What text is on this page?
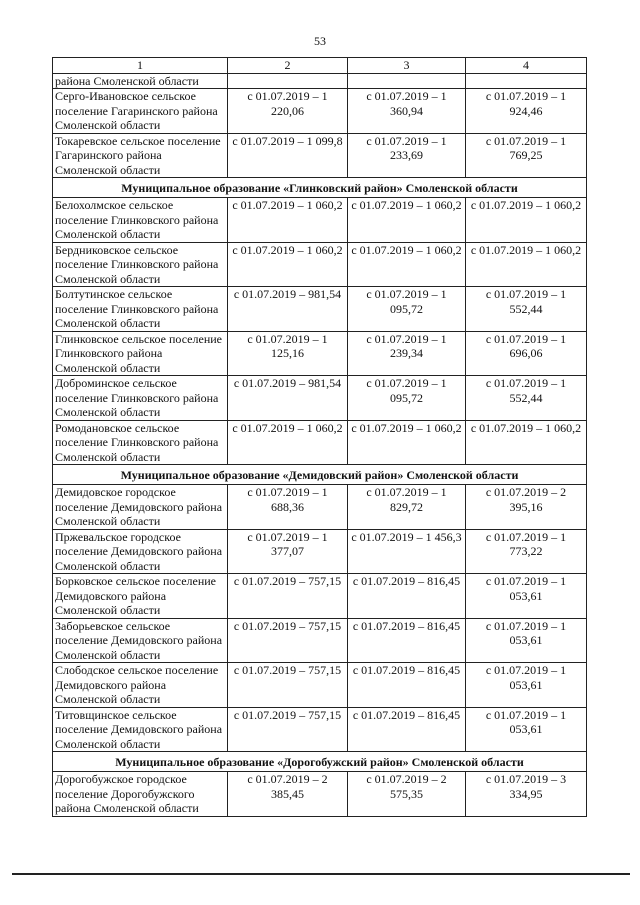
53
1	2	3	4
района Смоленской области			
Серго-Ивановское сельское поселение Гагаринского района Смоленской области	с 01.07.2019 – 1 220,06	с 01.07.2019 – 1 360,94	с 01.07.2019 – 1 924,46
Токаревское сельское поселение Гагаринского района Смоленской области	с 01.07.2019 – 1 099,8	с 01.07.2019 – 1 233,69	с 01.07.2019 – 1 769,25
Муниципальное образование «Глинковский район» Смоленской области			
Белохолмское сельское поселение Глинковского района Смоленской области	с 01.07.2019 – 1 060,2	с 01.07.2019 – 1 060,2	с 01.07.2019 – 1 060,2
Бердниковское сельское поселение Глинковского района Смоленской области	с 01.07.2019 – 1 060,2	с 01.07.2019 – 1 060,2	с 01.07.2019 – 1 060,2
Болтутинское сельское поселение Глинковского района Смоленской области	с 01.07.2019 – 981,54	с 01.07.2019 – 1 095,72	с 01.07.2019 – 1 552,44
Глинковское сельское поселение Глинковского района Смоленской области	с 01.07.2019 – 1 125,16	с 01.07.2019 – 1 239,34	с 01.07.2019 – 1 696,06
Доброминское сельское поселение Глинковского района Смоленской области	с 01.07.2019 – 981,54	с 01.07.2019 – 1 095,72	с 01.07.2019 – 1 552,44
Ромодановское сельское поселение Глинковского района Смоленской области	с 01.07.2019 – 1 060,2	с 01.07.2019 – 1 060,2	с 01.07.2019 – 1 060,2
Муниципальное образование «Демидовский район» Смоленской области			
Демидовское городское поселение Демидовского района Смоленской области	с 01.07.2019 – 1 688,36	с 01.07.2019 – 1 829,72	с 01.07.2019 – 2 395,16
Пржевальское городское поселение Демидовского района Смоленской области	с 01.07.2019 – 1 377,07	с 01.07.2019 – 1 456,3	с 01.07.2019 – 1 773,22
Борковское сельское поселение Демидовского района Смоленской области	с 01.07.2019 – 757,15	с 01.07.2019 – 816,45	с 01.07.2019 – 1 053,61
Заборьевское сельское поселение Демидовского района Смоленской области	с 01.07.2019 – 757,15	с 01.07.2019 – 816,45	с 01.07.2019 – 1 053,61
Слободское сельское поселение Демидовского района Смоленской области	с 01.07.2019 – 757,15	с 01.07.2019 – 816,45	с 01.07.2019 – 1 053,61
Титовщинское сельское поселение Демидовского района Смоленской области	с 01.07.2019 – 757,15	с 01.07.2019 – 816,45	с 01.07.2019 – 1 053,61
Муниципальное образование «Дорогобужский район» Смоленской области			
Дорогобужское городское поселение Дорогобужского района Смоленской области	с 01.07.2019 – 2 385,45	с 01.07.2019 – 2 575,35	с 01.07.2019 – 3 334,95
